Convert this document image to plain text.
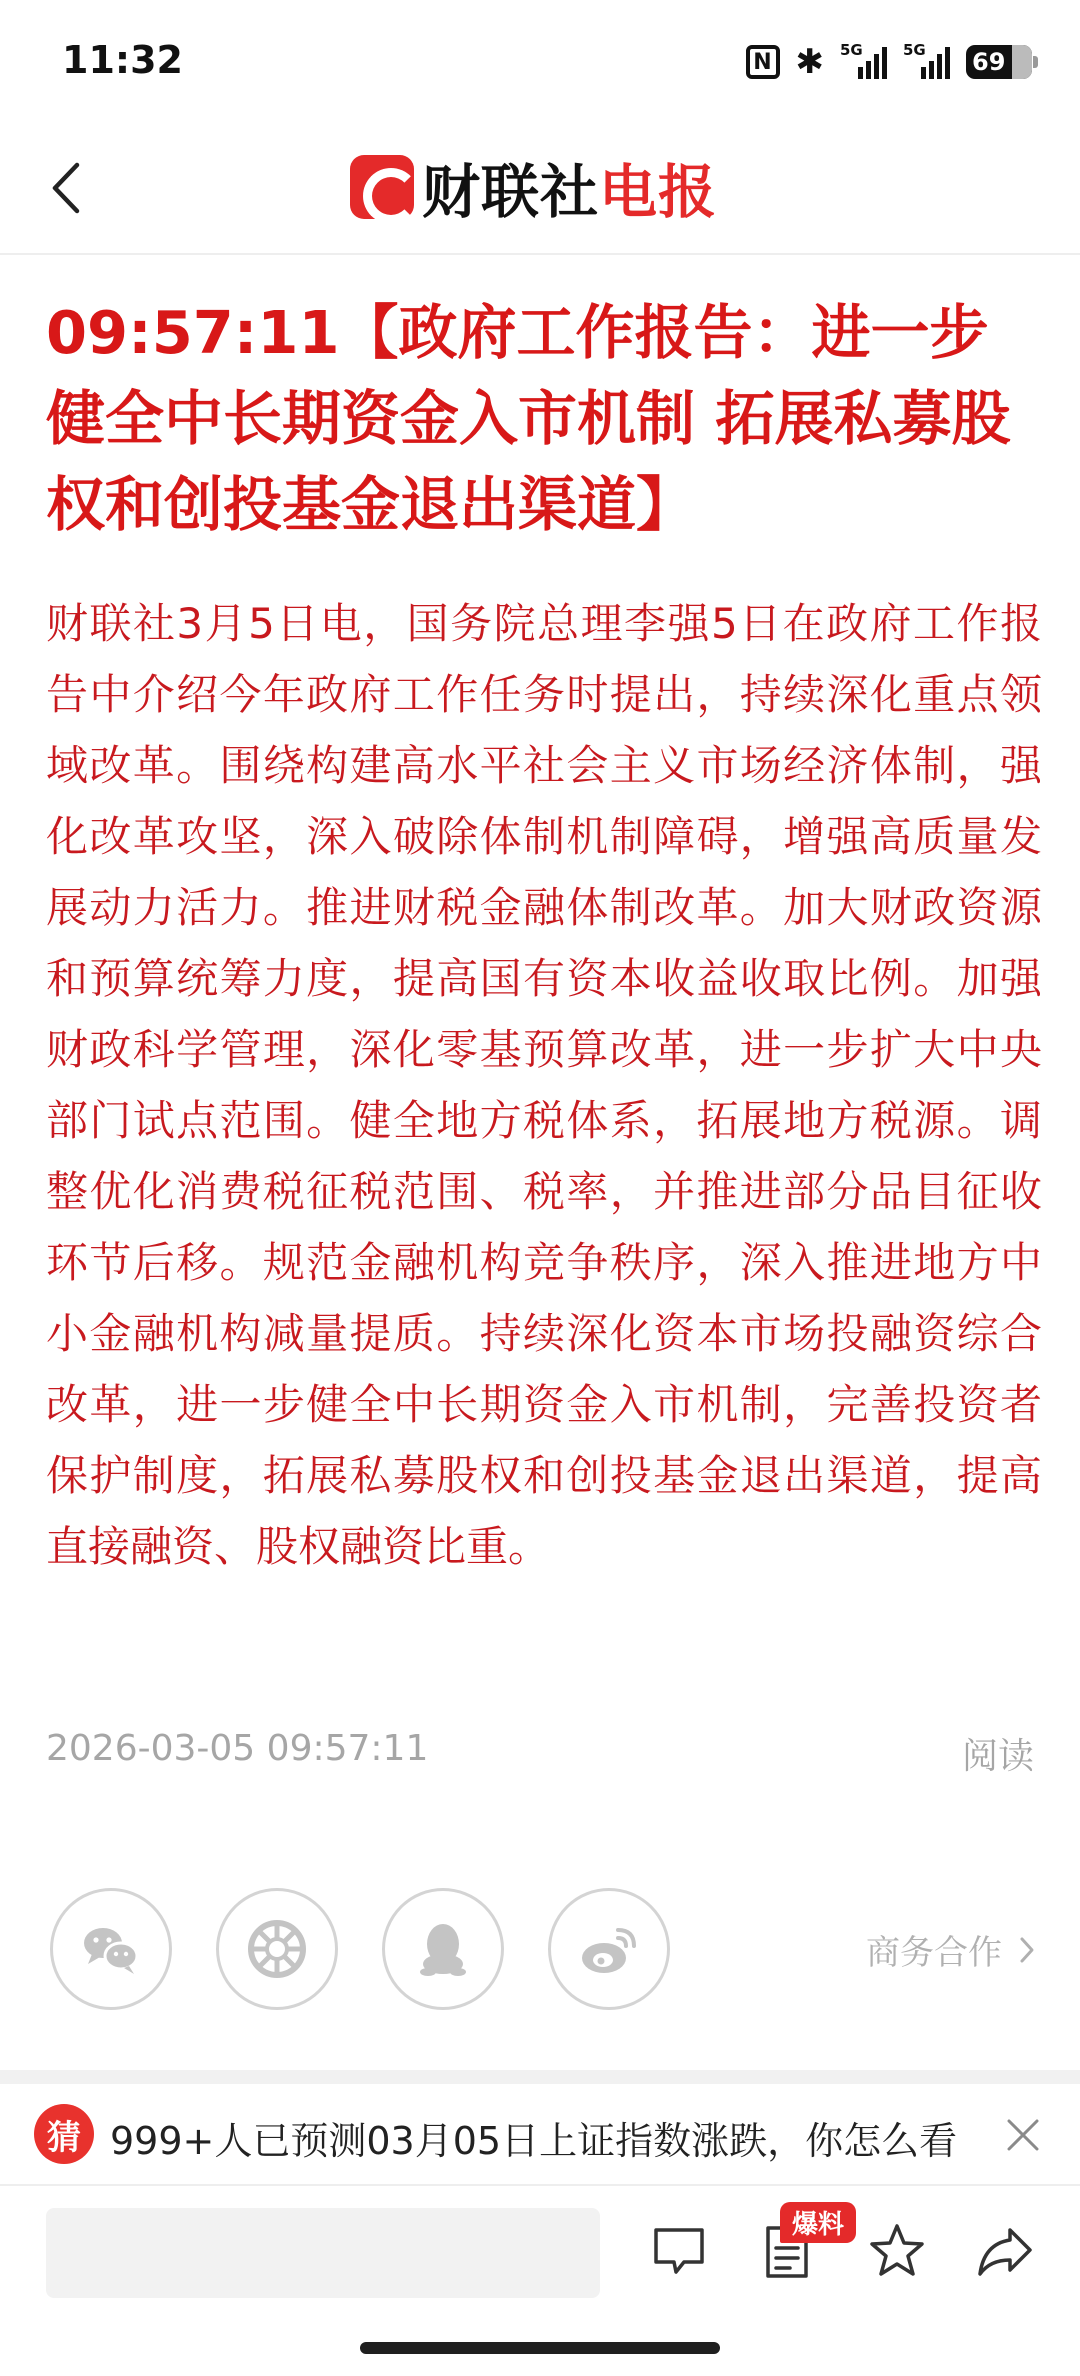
11:32	N ✱ 5G	5G 69
财联社电报
09:57:11【政府工作报告：进一步健全中长期资金入市机制 拓展私募股权和创投基金退出渠道】
财联社3月5日电，国务院总理李强5日在政府工作报告中介绍今年政府工作任务时提出，持续深化重点领域改革。围绕构建高水平社会主义市场经济体制，强化改革攻坚，深入破除体制机制障碍，增强高质量发展动力活力。推进财税金融体制改革。加大财政资源和预算统筹力度，提高国有资本收益收取比例。加强财政科学管理，深化零基预算改革，进一步扩大中央部门试点范围。健全地方税体系，拓展地方税源。调整优化消费税征税范围、税率，并推进部分品目征收环节后移。规范金融机构竞争秩序，深入推进地方中小金融机构减量提质。持续深化资本市场投融资综合改革，进一步健全中长期资金入市机制，完善投资者保护制度，拓展私募股权和创投基金退出渠道，提高直接融资、股权融资比重。
2026-03-05 09:57:11	阅读
商务合作
猜 999+人已预测03月05日上证指数涨跌，你怎么看
爆料
